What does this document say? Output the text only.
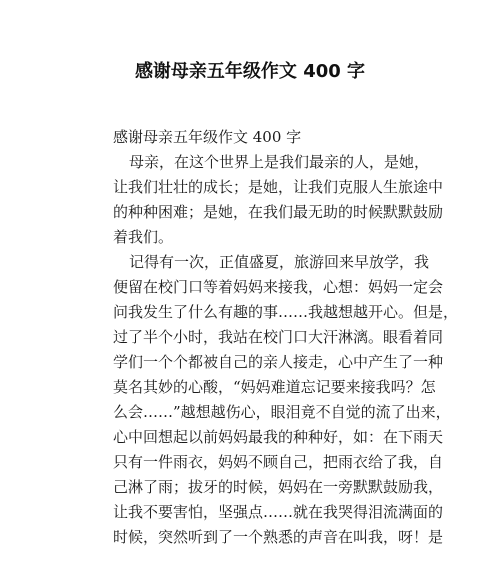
感谢母亲五年级作文 400 字
感谢母亲五年级作文 400 字
母亲，在这个世界上是我们最亲的人，是她，
让我们壮壮的成长；是她，让我们克服人生旅途中
的种种困难；是她，在我们最无助的时候默默鼓励
着我们。
记得有一次，正值盛夏，旅游回来早放学，我
便留在校门口等着妈妈来接我，心想：妈妈一定会
问我发生了什么有趣的事……我越想越开心。但是，
过了半个小时，我站在校门口大汗淋漓。眼看着同
学们一个个都被自己的亲人接走，心中产生了一种
莫名其妙的心酸，“妈妈难道忘记要来接我吗？怎
么会……”越想越伤心，眼泪竟不自觉的流了出来，
心中回想起以前妈妈最我的种种好，如：在下雨天
只有一件雨衣，妈妈不顾自己，把雨衣给了我，自
己淋了雨；拔牙的时候，妈妈在一旁默默鼓励我，
让我不要害怕，坚强点……就在我哭得泪流满面的
时候，突然听到了一个熟悉的声音在叫我，呀！是
